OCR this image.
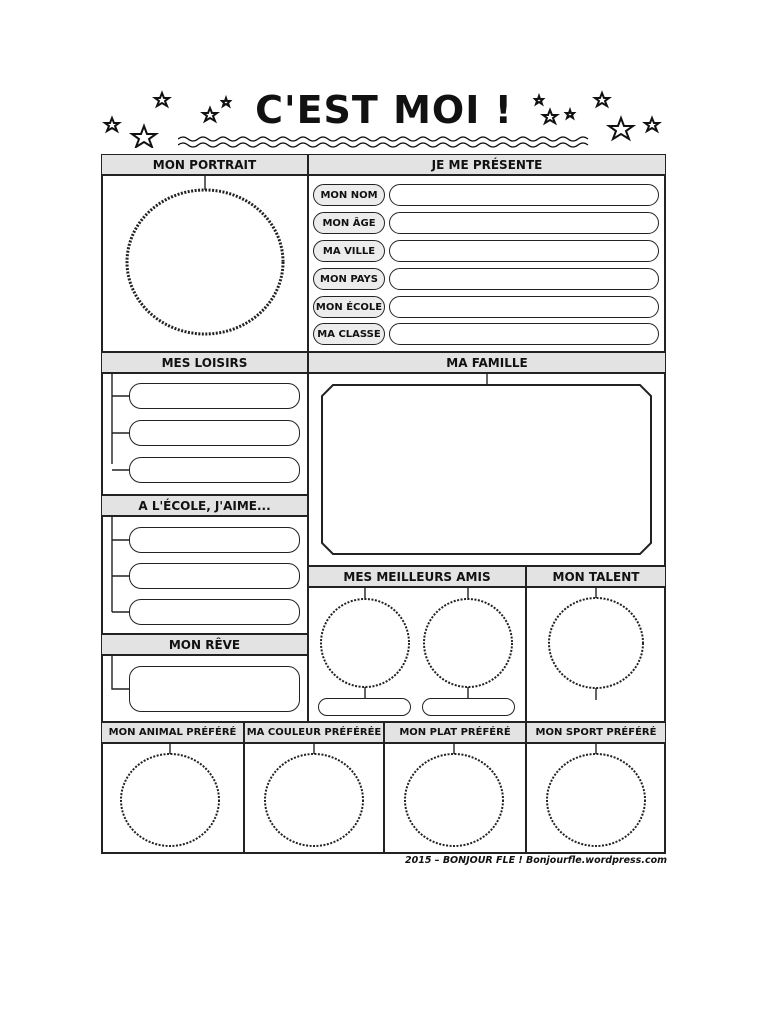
C'EST MOI !
MON PORTRAIT	JE ME PRÉSENTE
MON NOM
MON ÂGE
MA VILLE
MON PAYS
MON ÉCOLE
MA CLASSE
MES LOISIRS
A L'ÉCOLE, J'AIME...
MON RÊVE
MA FAMILLE
MES MEILLEURS AMIS	MON TALENT
MON ANIMAL PRÉFÉRÉ	MA COULEUR PRÉFÉRÉE	MON PLAT PRÉFÉRÉ	MON SPORT PRÉFÉRÉ
2015 – BONJOUR FLE ! Bonjourfle.wordpress.com
